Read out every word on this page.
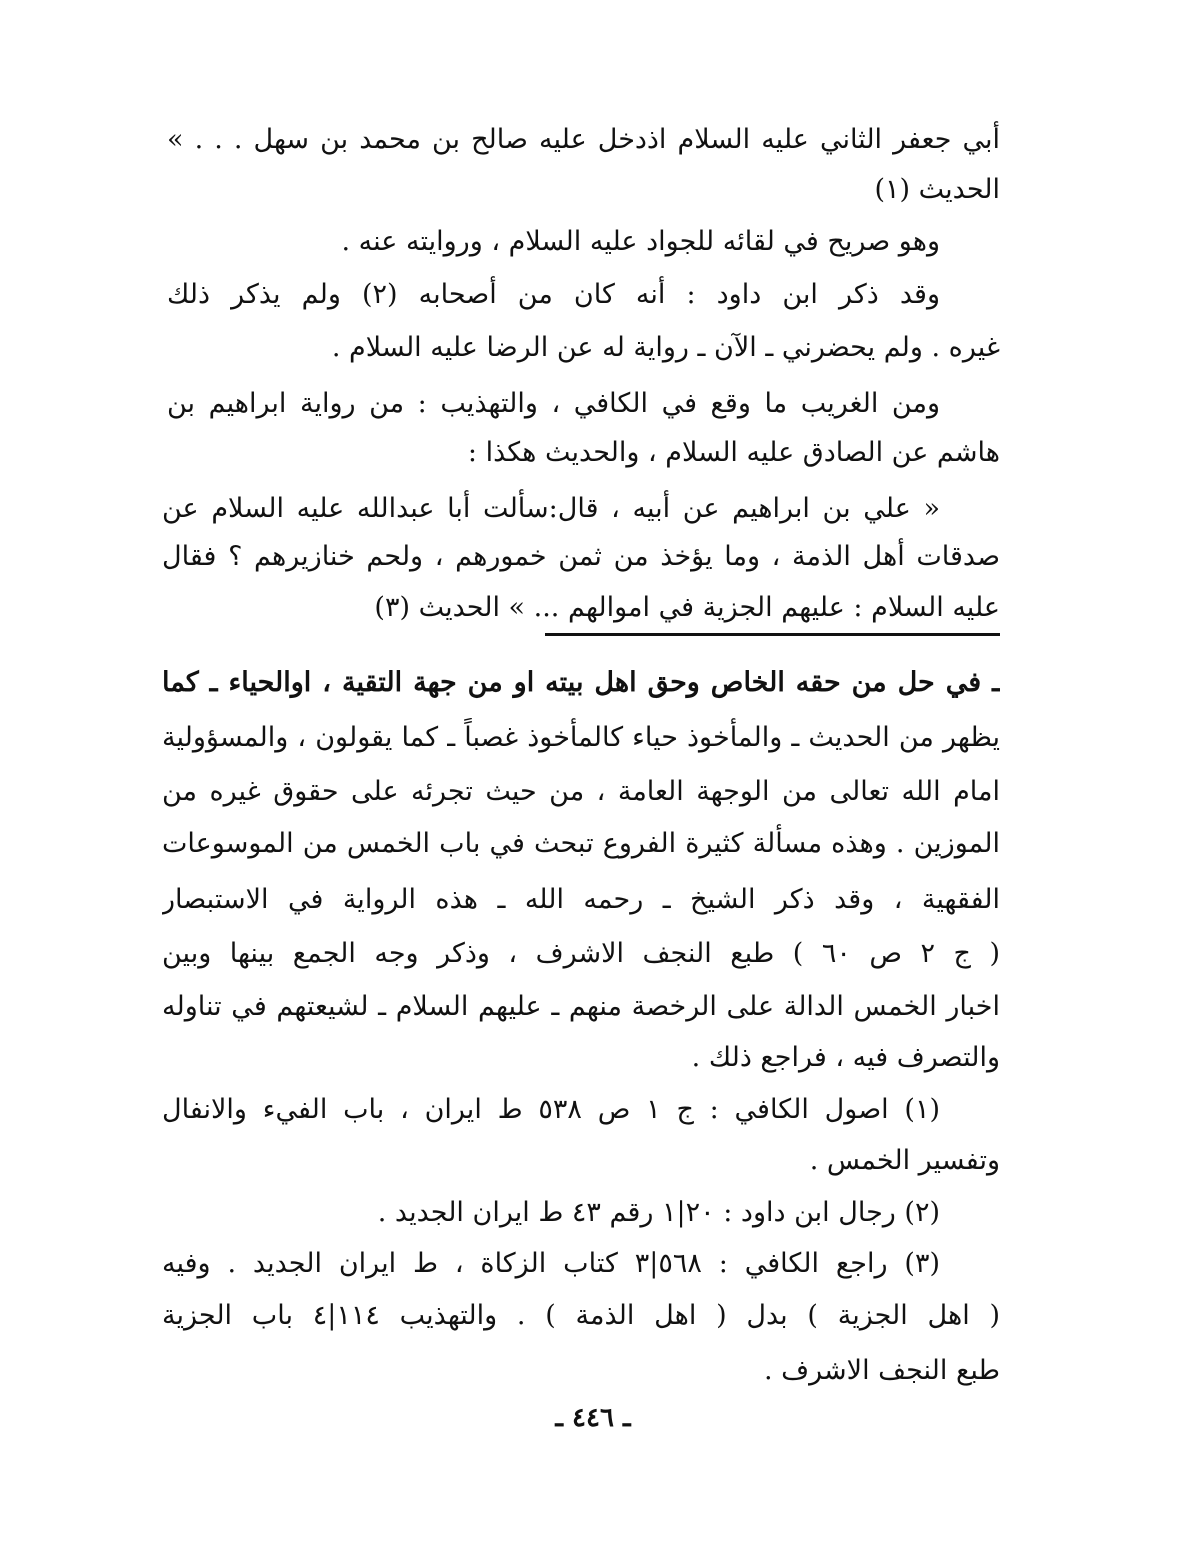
أبي جعفر الثاني عليه السلام اذدخل عليه صالح بن محمد بن سهل . . . »
الحديث (١)
وهو صريح في لقائه للجواد عليه السلام ، وروايته عنه .
وقد ذكر ابن داود : أنه كان من أصحابه (٢) ولم يذكر ذلك
غيره . ولم يحضرني ـ الآن ـ رواية له عن الرضا عليه السلام .
ومن الغريب ما وقع في الكافي ، والتهذيب : من رواية ابراهيم بن
هاشم عن الصادق عليه السلام ، والحديث هكذا :
« علي بن ابراهيم عن أبيه ، قال:سألت أبا عبدالله عليه السلام عن
صدقات أهل الذمة ، وما يؤخذ من ثمن خمورهم ، ولحم خنازيرهم ؟ فقال
عليه السلام : عليهم الجزية في اموالهم ... » الحديث (٣)
ـ في حل من حقه الخاص وحق اهل بيته او من جهة التقية ، اوالحياء ـ كما
يظهر من الحديث ـ والمأخوذ حياء كالمأخوذ غصباً ـ كما يقولون ، والمسؤولية
امام الله تعالى من الوجهة العامة ، من حيث تجرئه على حقوق غيره من
الموزين . وهذه مسألة كثيرة الفروع تبحث في باب الخمس من الموسوعات
الفقهية ، وقد ذكر الشيخ ـ رحمه الله ـ هذه الرواية في الاستبصار
( ج ٢ ص ٦٠ ) طبع النجف الاشرف ، وذكر وجه الجمع بينها وبين
اخبار الخمس الدالة على الرخصة منهم ـ عليهم السلام ـ لشيعتهم في تناوله
والتصرف فيه ، فراجع ذلك .
(١) اصول الكافي : ج ١ ص ٥٣٨ ط ايران ، باب الفيء والانفال
وتفسير الخمس .
(٢) رجال ابن داود : ٢٠|١ رقم ٤٣ ط ايران الجديد .
(٣) راجع الكافي : ٥٦٨|٣ كتاب الزكاة ، ط ايران الجديد . وفيه
( اهل الجزية ) بدل ( اهل الذمة ) . والتهذيب ١١٤|٤ باب الجزية
طبع النجف الاشرف .
ـ ٤٤٦ ـ
